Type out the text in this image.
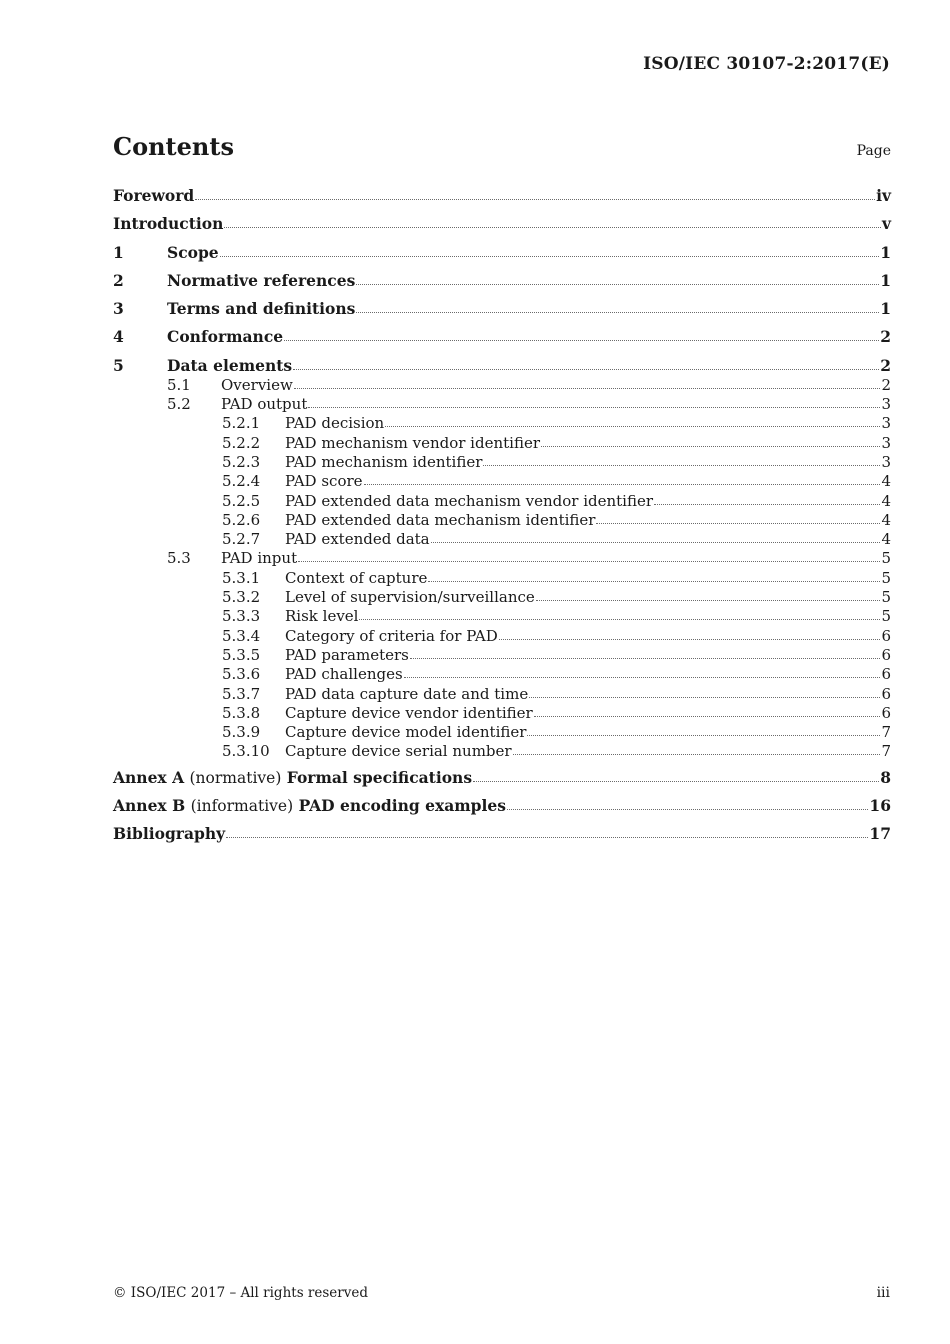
ISO/IEC 30107-2:2017(E)
Contents	Page
Foreword	iv
Introduction	v
1	Scope	1
2	Normative references	1
3	Terms and definitions	1
4	Conformance	2
5	Data elements	2
5.1	Overview	2
5.2	PAD output	3
5.2.1	PAD decision	3
5.2.2	PAD mechanism vendor identifier	3
5.2.3	PAD mechanism identifier	3
5.2.4	PAD score	4
5.2.5	PAD extended data mechanism vendor identifier	4
5.2.6	PAD extended data mechanism identifier	4
5.2.7	PAD extended data	4
5.3	PAD input	5
5.3.1	Context of capture	5
5.3.2	Level of supervision/surveillance	5
5.3.3	Risk level	5
5.3.4	Category of criteria for PAD	6
5.3.5	PAD parameters	6
5.3.6	PAD challenges	6
5.3.7	PAD data capture date and time	6
5.3.8	Capture device vendor identifier	6
5.3.9	Capture device model identifier	7
5.3.10	Capture device serial number	7
Annex A (normative) Formal specifications	8
Annex B (informative) PAD encoding examples	16
Bibliography	17
© ISO/IEC 2017 – All rights reserved	iii
